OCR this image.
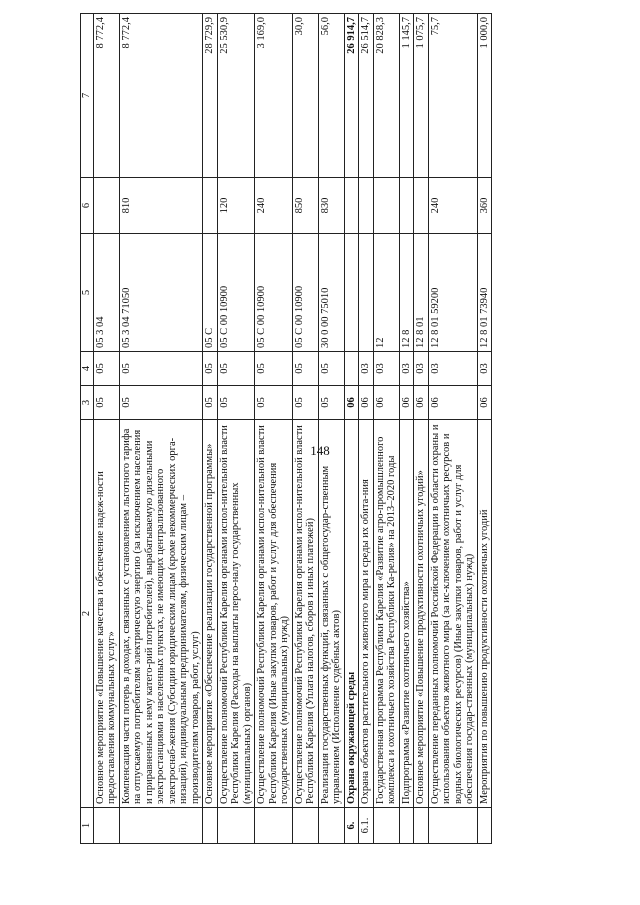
148
1	2	3	4	5	6	7
	Основное мероприятие «Повышение качества и обеспечение надеж-ности предоставления коммунальных услуг»	05	05	05 3 04		8 772,4
	Компенсация части потерь в доходах, связанных с установлением льготного тарифа на отпускаемую потребителям электрическую энергию (за исключением населения и приравненных к нему катего-рий потребителей), вырабатываемую дизельными электростанциями в населенных пунктах, не имеющих централизованного электроснаб-жения (Субсидии юридическим лицам (кроме некоммерческих орга-низаций), индивидуальным предпринимателям, физическим лицам – производителям товаров, работ, услуг)	05	05	05 3 04 71050	810	8 772,4
	Основное мероприятие «Обеспечение реализации государственной программы»	05	05	05 С		28 729,9
	Осуществление полномочий Республики Карелия органами испол-нительной власти Республики Карелия (Расходы на выплаты персо-налу государственных (муниципальных) органов)	05	05	05 С 00 10900	120	25 530,9
	Осуществление полномочий Республики Карелия органами испол-нительной власти Республики Карелия (Иные закупки товаров, работ и услуг для обеспечения государственных (муниципальных) нужд)	05	05	05 С 00 10900	240	3 169,0
	Осуществление полномочий Республики Карелия органами испол-нительной власти Республики Карелия (Уплата налогов, сборов и иных платежей)	05	05	05 С 00 10900	850	30,0
	Реализация государственных функций, связанных с общегосудар-ственным управлением (Исполнение судебных актов)	05	05	30 0 00 75010	830	56,0
6.	Охрана окружающей среды	06				26 914,7
6.1.	Охрана объектов растительного и животного мира и среды их обита-ния	06	03			26 514,7
	Государственная программа Республики Карелия «Развитие агро-промышленного комплекса и охотничьего хозяйства Республики Ка-релия» на 2013–2020 годы	06	03	12		20 828,3
	Подпрограмма «Развитие охотничьего хозяйства»	06	03	12 8		1 145,7
	Основное мероприятие «Повышение продуктивности охотничьих угодий»	06	03	12 8 01		1 075,7
	Осуществление переданных полномочий Российской Федерации в области охраны и использования объектов животного мира (за ис-ключением охотничьих ресурсов и водных биологических ресурсов) (Иные закупки товаров, работ и услуг для обеспечения государ-ственных (муниципальных) нужд)	06	03	12 8 01 59200	240	75,7
	Мероприятия по повышению продуктивности охотничьих угодий	06	03	12 8 01 73940	360	1 000,0
